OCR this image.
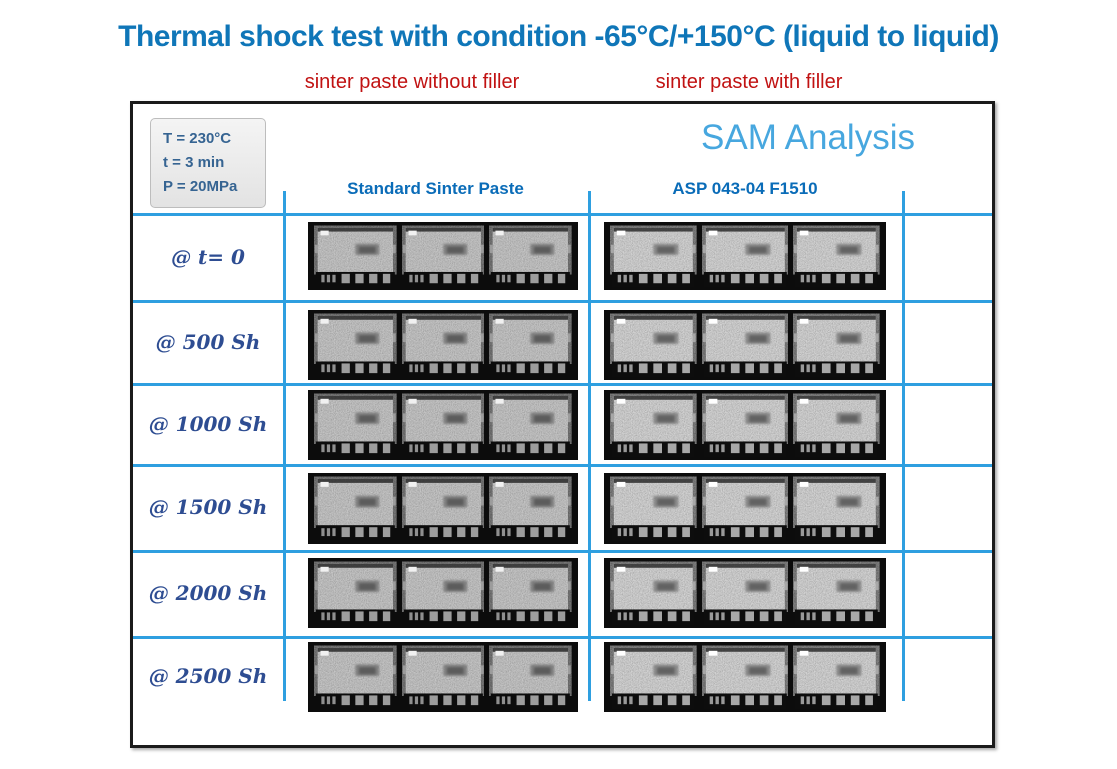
Thermal shock test with condition -65°C/+150°C (liquid to liquid)
sinter paste without filler	sinter paste with filler
T = 230°C
t = 3 min
P = 20MPa
SAM Analysis
Standard Sinter Paste	ASP 043-04 F1510
@ t= 0
@ 500 Sh
@ 1000 Sh
@ 1500 Sh
@ 2000 Sh
@ 2500 Sh
